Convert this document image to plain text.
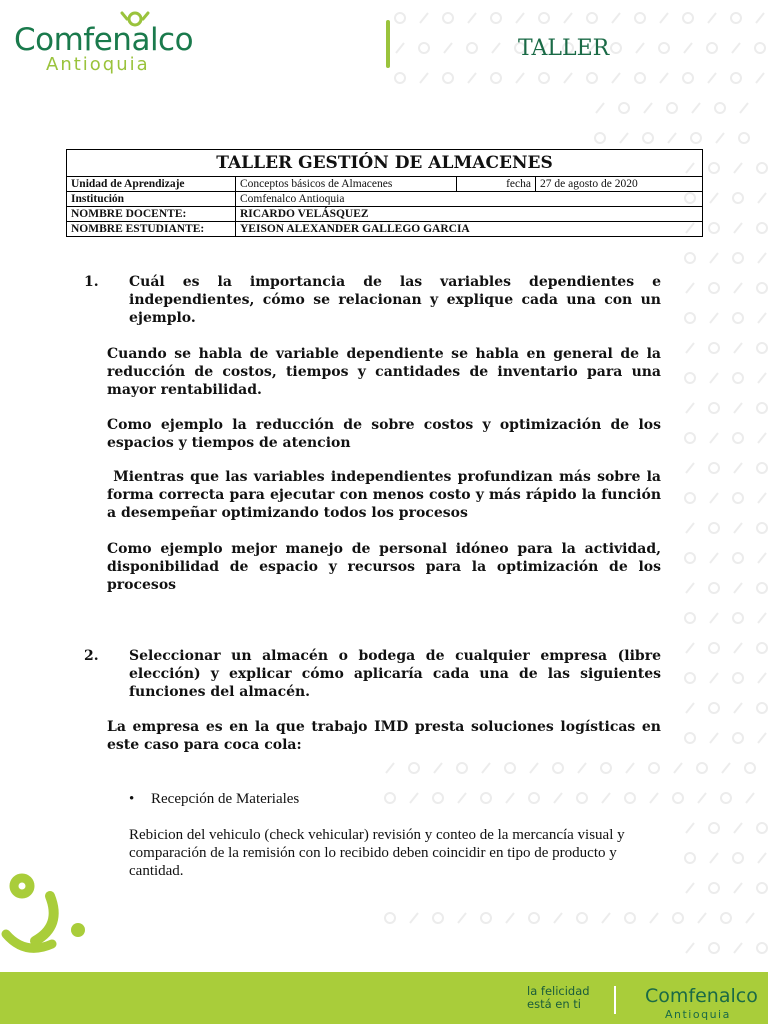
Comfenalco
Antioquia
TALLER
TALLER GESTIÓN DE ALMACENES			
Unidad de Aprendizaje	Conceptos básicos de Almacenes	fecha	27 de agosto de 2020
Institución	Comfenalco Antioquia		
NOMBRE DOCENTE:	RICARDO VELÁSQUEZ		
NOMBRE ESTUDIANTE:	YEISON ALEXANDER GALLEGO GARCIA		
1. Cuál es la importancia de las variables dependientes e independientes, cómo se relacionan y explique cada una con un ejemplo.
Cuando se habla de variable dependiente se habla en general de la reducción de costos, tiempos y cantidades de inventario para una mayor rentabilidad.
Como ejemplo la reducción de sobre costos y optimización de los espacios y tiempos de atencion
Mientras que las variables independientes profundizan más sobre la forma correcta para ejecutar con menos costo y más rápido la función a desempeñar optimizando todos los procesos
Como ejemplo mejor manejo de personal idóneo para la actividad, disponibilidad de espacio y recursos para la optimización de los procesos
2. Seleccionar un almacén o bodega de cualquier empresa (libre elección) y explicar cómo aplicaría cada una de las siguientes funciones del almacén.
La empresa es en la que trabajo IMD presta soluciones logísticas en este caso para coca cola:
• Recepción de Materiales
Rebicion del vehiculo (check vehicular) revisión y conteo de la mercancía visual y comparación de la remisión con lo recibido deben coincidir en tipo de producto y cantidad.
la felicidad
está en ti	Comfenalco
Antioquia
